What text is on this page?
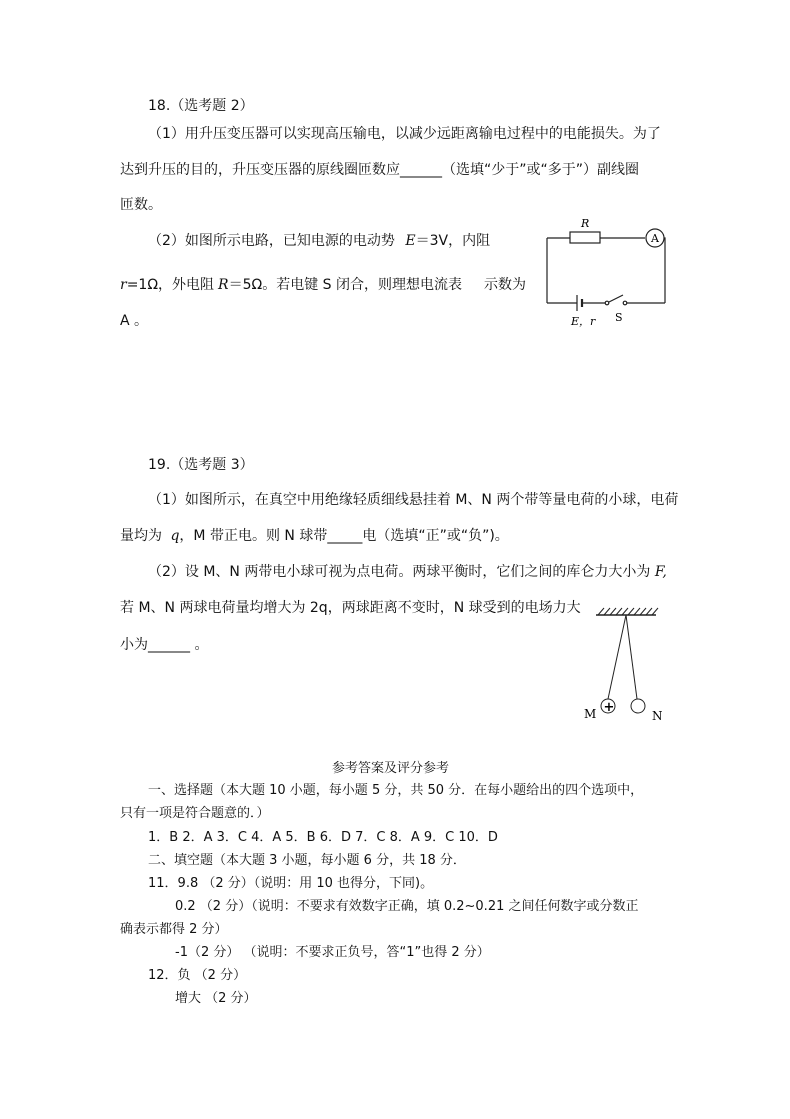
18.（选考题 2）
（1）用升压变压器可以实现高压输电，以减少远距离输电过程中的电能损失。为了
达到升压的目的，升压变压器的原线圈匝数应______（选填“少于”或“多于”）副线圈
匝数。
（2）如图所示电路，已知电源的电动势 E＝3V，内阻
r=1Ω，外电阻 R＝5Ω。若电键 S 闭合，则理想电流表 示数为
A 。
R
A
E，r S
19.（选考题 3）
（1）如图所示，在真空中用绝缘轻质细线悬挂着 M、N 两个带等量电荷的小球，电荷
量均为 q，M 带正电。则 N 球带_____电（选填“正”或“负”)。
（2）设 M、N 两带电小球可视为点电荷。两球平衡时，它们之间的库仑力大小为 F,
若 M、N 两球电荷量均增大为 2q，两球距离不变时，N 球受到的电场力大
小为______ 。
+
M	N
参考答案及评分参考
一、选择题（本大题 10 小题，每小题 5 分，共 50 分．在每小题给出的四个选项中，
只有一项是符合题意的．）
1．B 2．A 3．C 4．A 5．B 6．D 7．C 8．A 9．C 10．D
二、填空题（本大题 3 小题，每小题 6 分，共 18 分．
11．9.8 （2 分）（说明：用 10 也得分，下同)。
0.2 （2 分）（说明：不要求有效数字正确，填 0.2~0.21 之间任何数字或分数正
确表示都得 2 分）
-1（2 分） （说明：不要求正负号，答“1”也得 2 分）
12．负 （2 分）
增大 （2 分）
